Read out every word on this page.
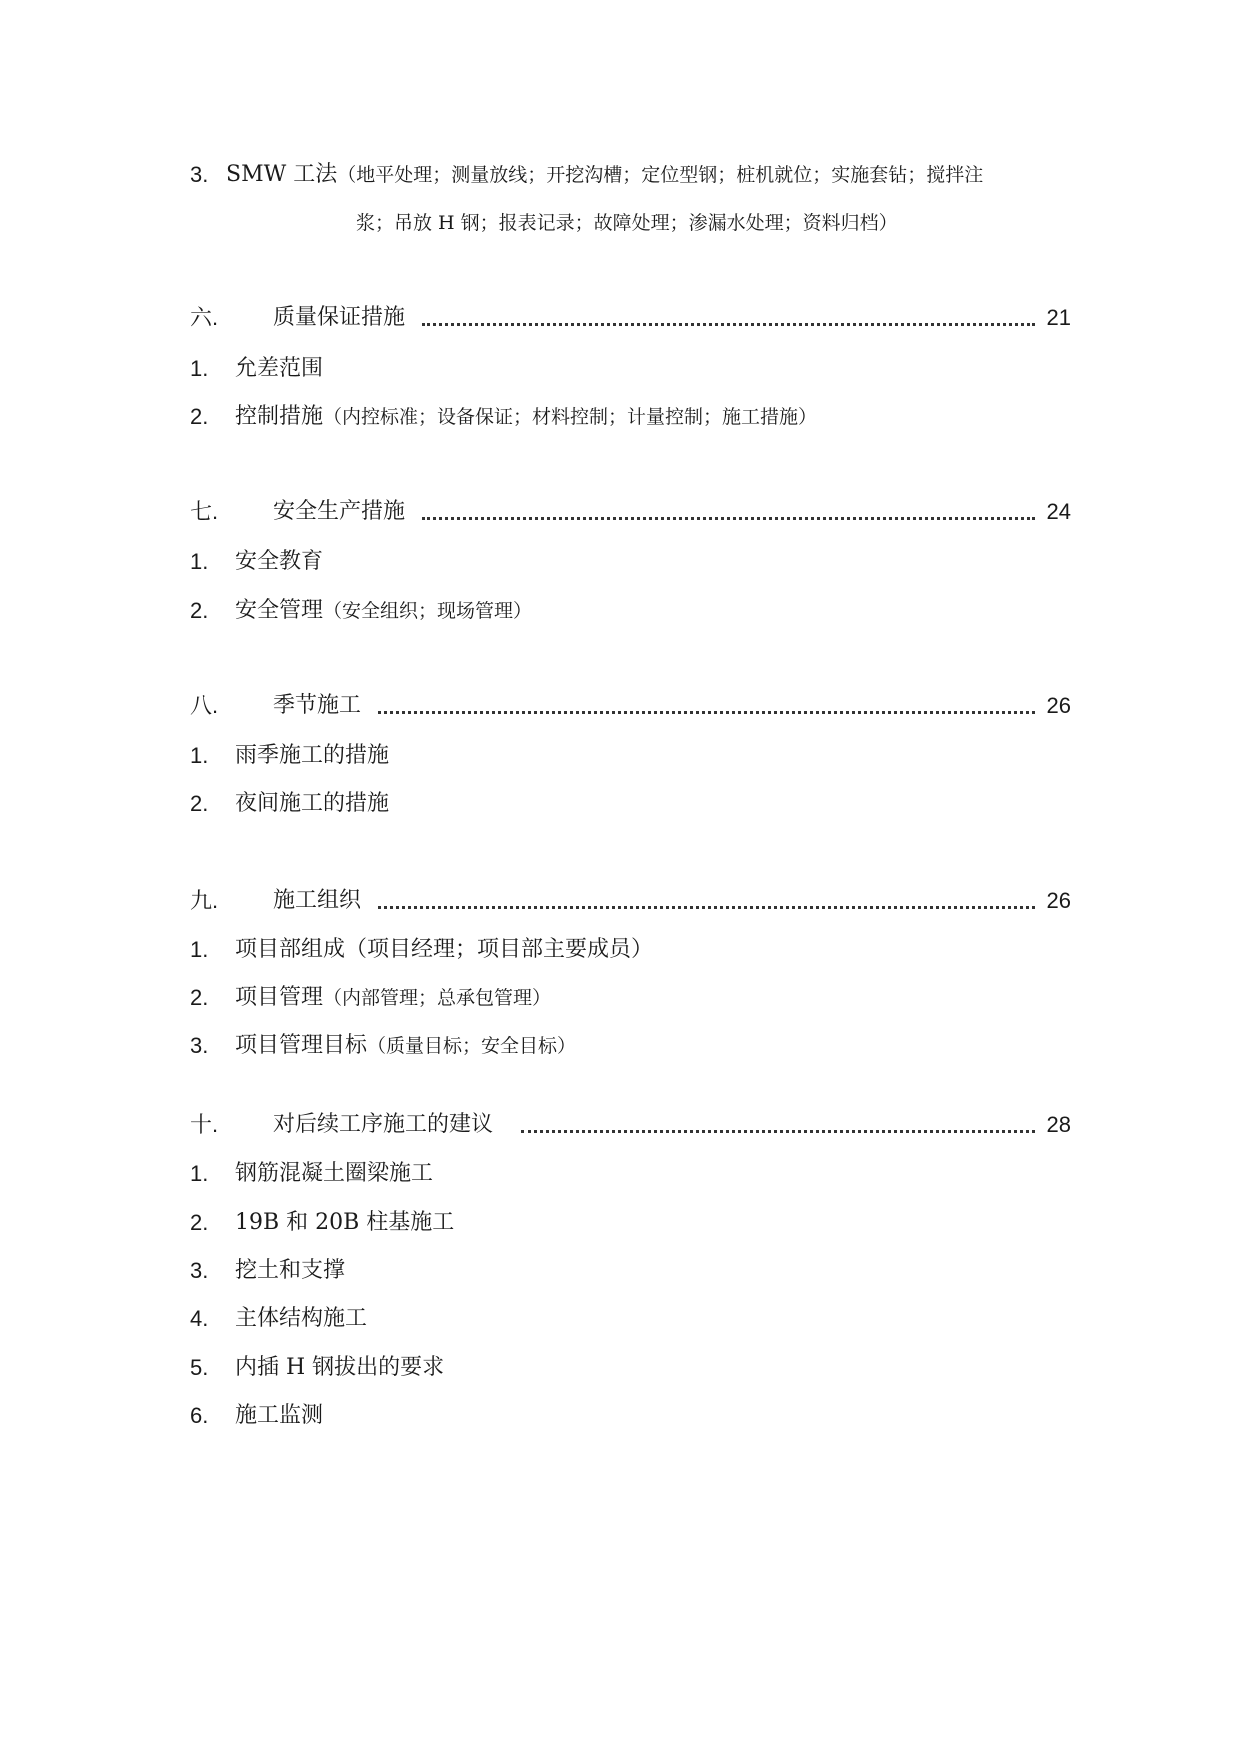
3. SMW 工法（地平处理；测量放线；开挖沟槽；定位型钢；桩机就位；实施套钻；搅拌注
浆；吊放 H 钢；报表记录；故障处理；渗漏水处理；资料归档）
六. 质量保证措施	21
1. 允差范围
2. 控制措施（内控标准；设备保证；材料控制；计量控制；施工措施）
七. 安全生产措施	24
1. 安全教育
2. 安全管理（安全组织；现场管理）
八. 季节施工	26
1. 雨季施工的措施
2. 夜间施工的措施
九. 施工组织	26
1. 项目部组成（项目经理；项目部主要成员）
2. 项目管理（内部管理；总承包管理）
3. 项目管理目标（质量目标；安全目标）
十. 对后续工序施工的建议	28
1. 钢筋混凝土圈梁施工
2. 19B 和 20B 柱基施工
3. 挖土和支撑
4. 主体结构施工
5. 内插 H 钢拔出的要求
6. 施工监测
